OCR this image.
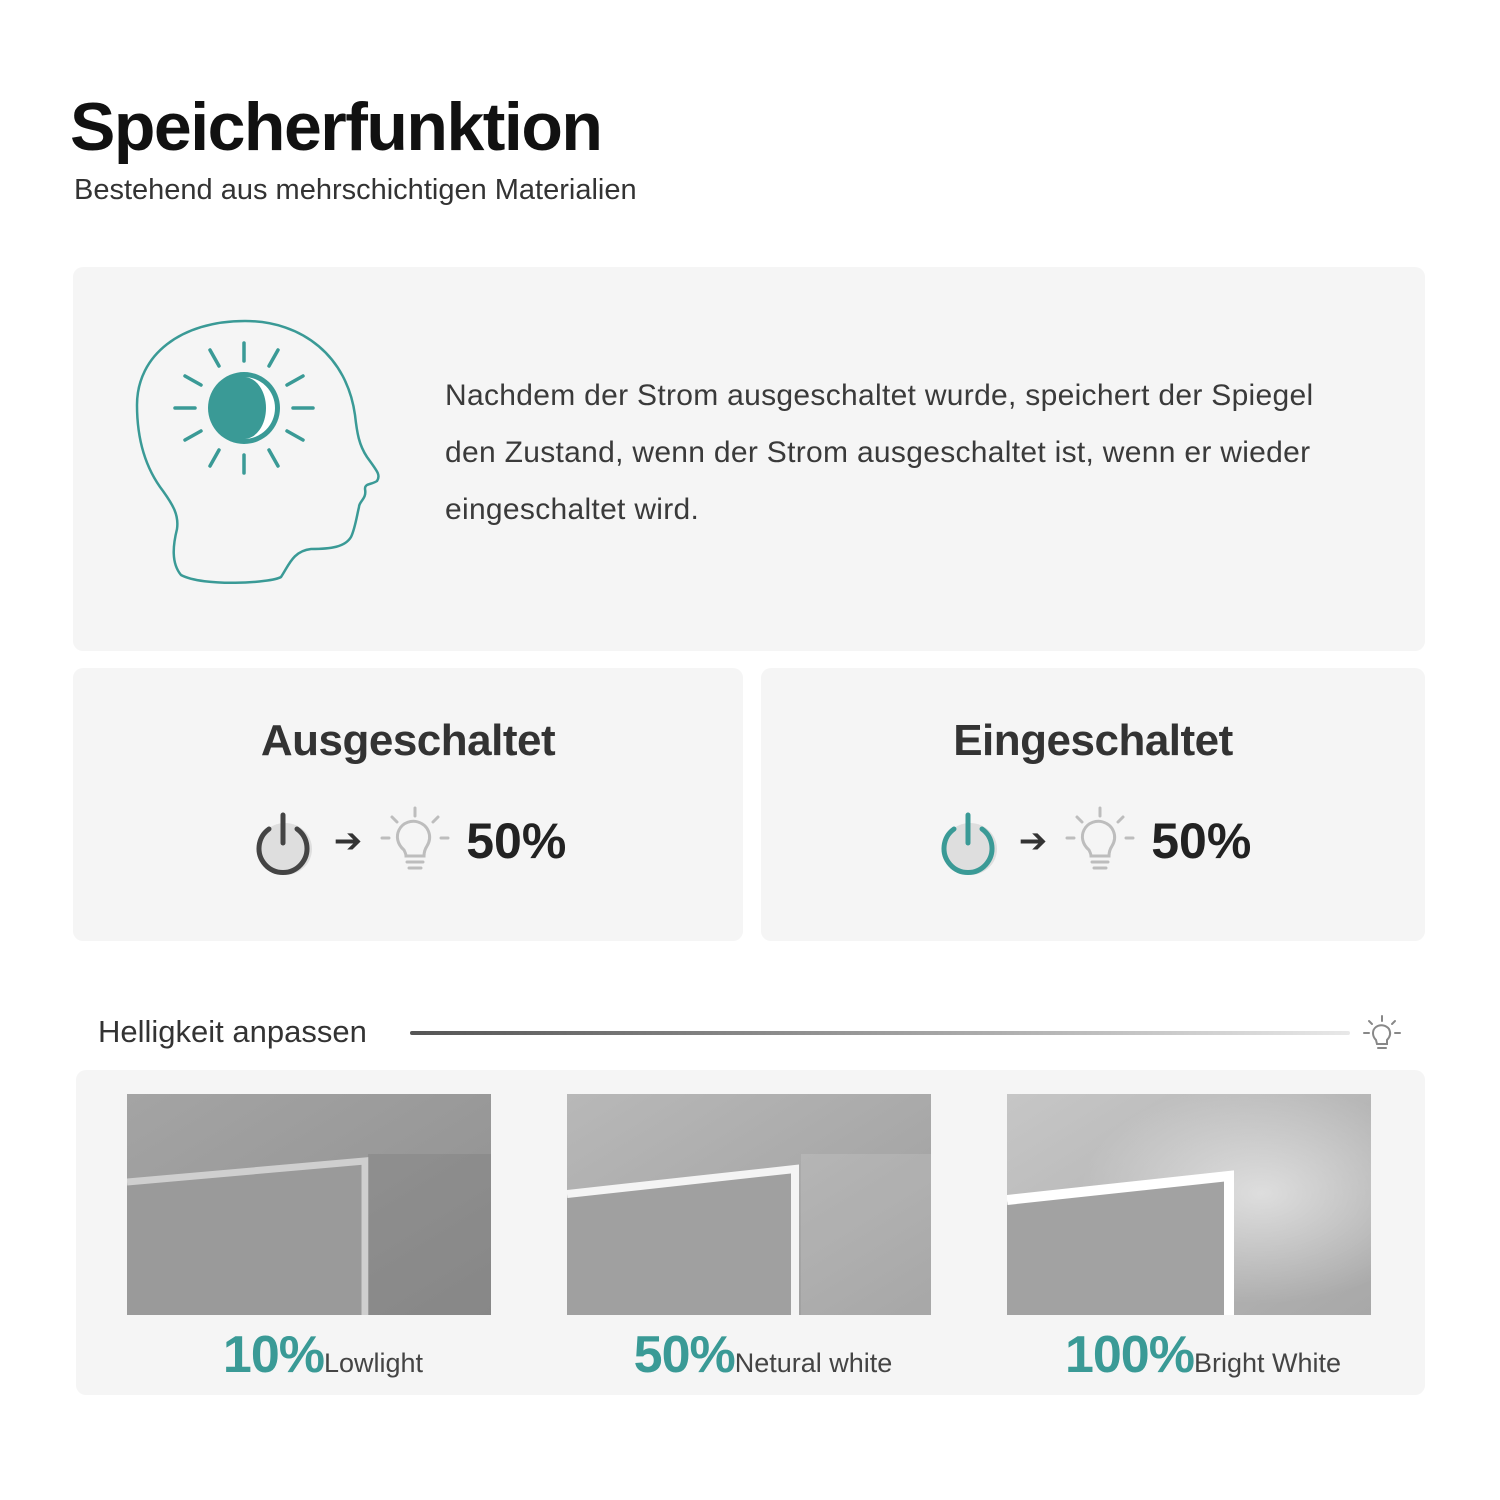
Speicherfunktion
Bestehend aus mehrschichtigen Materialien
Nachdem der Strom ausgeschaltet wurde, speichert der Spiegel
den Zustand, wenn der Strom ausgeschaltet ist, wenn er wieder
eingeschaltet wird.
Ausgeschaltet
➔ 50%
Eingeschaltet
➔ 50%
Helligkeit anpassen
10% Lowlight	50% Netural white	100% Bright White
